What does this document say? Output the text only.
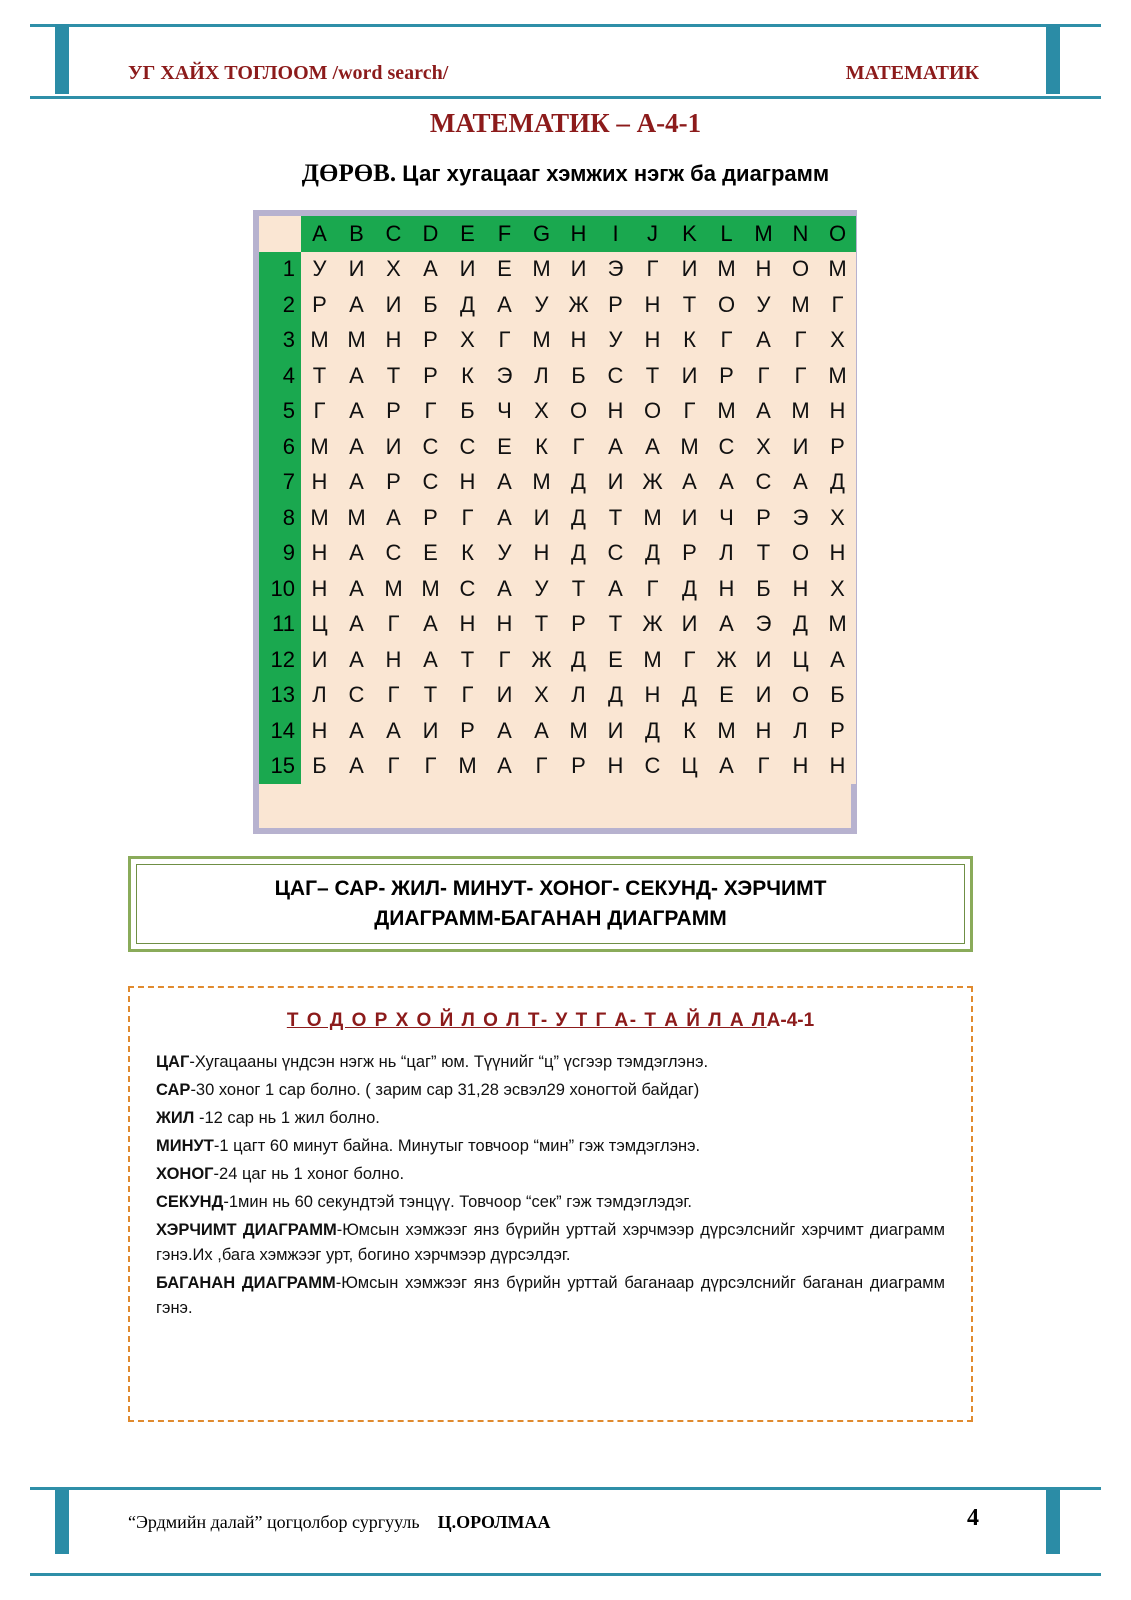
УГ ХАЙХ ТОГЛООМ /word search/	МАТЕМАТИК
МАТЕМАТИК – А-4-1
ДӨРӨВ. Цаг хугацааг хэмжих нэгж ба диаграмм
	A	B	C	D	E	F	G	H	I	J	K	L	M	N	O
1	У	И	Х	А	И	Е	М	И	Э	Г	И	М	Н	О	М
2	Р	А	И	Б	Д	А	У	Ж	Р	Н	Т	О	У	М	Г
3	М	М	Н	Р	Х	Г	М	Н	У	Н	К	Г	А	Г	Х
4	Т	А	Т	Р	К	Э	Л	Б	С	Т	И	Р	Г	Г	М
5	Г	А	Р	Г	Б	Ч	Х	О	Н	О	Г	М	А	М	Н
6	М	А	И	С	С	Е	К	Г	А	А	М	С	Х	И	Р
7	Н	А	Р	С	Н	А	М	Д	И	Ж	А	А	С	А	Д
8	М	М	А	Р	Г	А	И	Д	Т	М	И	Ч	Р	Э	Х
9	Н	А	С	Е	К	У	Н	Д	С	Д	Р	Л	Т	О	Н
10	Н	А	М	М	С	А	У	Т	А	Г	Д	Н	Б	Н	Х
11	Ц	А	Г	А	Н	Н	Т	Р	Т	Ж	И	А	Э	Д	М
12	И	А	Н	А	Т	Г	Ж	Д	Е	М	Г	Ж	И	Ц	А
13	Л	С	Г	Т	Г	И	Х	Л	Д	Н	Д	Е	И	О	Б
14	Н	А	А	И	Р	А	А	М	И	Д	К	М	Н	Л	Р
15	Б	А	Г	Г	М	А	Г	Р	Н	С	Ц	А	Г	Н	Н
ЦАГ– САР- ЖИЛ- МИНУТ- ХОНОГ- СЕКУНД- ХЭРЧИМТ
ДИАГРАММ-БАГАНАН ДИАГРАММ
Т О Д О Р Х О Й Л О Л Т- У Т Г А- Т А Й Л А ЛА-4-1
ЦАГ-Хугацааны үндсэн нэгж нь “цаг” юм. Түүнийг “ц” үсгээр тэмдэглэнэ.
САР-30 хоног 1 сар болно. ( зарим сар 31,28 эсвэл29 хоногтой байдаг)
ЖИЛ -12 сар нь 1 жил болно.
МИНУТ-1 цагт 60 минут байна. Минутыг товчоор “мин” гэж тэмдэглэнэ.
ХОНОГ-24 цаг нь 1 хоног болно.
СЕКУНД-1мин нь 60 секундтэй тэнцүү. Товчоор “сек” гэж тэмдэглэдэг.
ХЭРЧИМТ ДИАГРАММ-Юмсын хэмжээг янз бүрийн урттай хэрчмээр дүрсэлснийг хэрчимт диаграмм гэнэ.Их ,бага хэмжээг урт, богино хэрчмээр дүрсэлдэг.
БАГАНАН ДИАГРАММ-Юмсын хэмжээг янз бүрийн урттай баганаар дүрсэлснийг баганан диаграмм гэнэ.
“Эрдмийн далай” цогцолбор сургууль Ц.ОРОЛМАА	4
